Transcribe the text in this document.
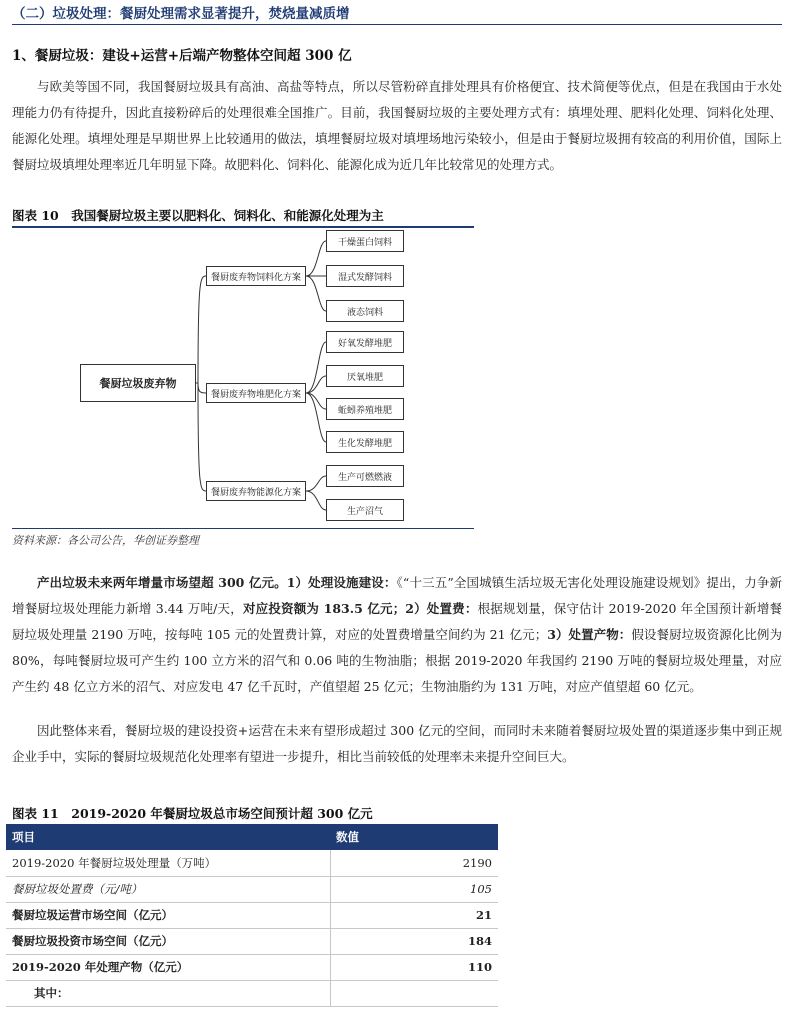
（二）垃圾处理：餐厨处理需求显著提升，焚烧量减质增
1、餐厨垃圾：建设+运营+后端产物整体空间超 300 亿

与欧美等国不同，我国餐厨垃圾具有高油、高盐等特点，所以尽管粉碎直排处理具有价格便宜、技术简便等优点，但是在我国由于水处理能力仍有待提升，因此直接粉碎后的处理很难全国推广。目前，我国餐厨垃圾的主要处理方式有：填埋处理、肥料化处理、饲料化处理、能源化处理。填埋处理是早期世界上比较通用的做法，填埋餐厨垃圾对填埋场地污染较小，但是由于餐厨垃圾拥有较高的利用价值，国际上餐厨垃圾填埋处理率近几年明显下降。故肥料化、饲料化、能源化成为近几年比较常见的处理方式。

图表 10　我国餐厨垃圾主要以肥料化、饲料化、和能源化处理为主
餐厨垃圾废弃物
餐厨废弃物饲料化方案
餐厨废弃物堆肥化方案
餐厨废弃物能源化方案
干燥蛋白饲料
湿式发酵饲料
液态饲料
好氧发酵堆肥
厌氧堆肥
蚯蚓养殖堆肥
生化发酵堆肥
生产可燃燃液
生产沼气
资料来源：各公司公告，华创证券整理

产出垃圾未来两年增量市场望超 300 亿元。1）处理设施建设：《“十三五”全国城镇生活垃圾无害化处理设施建设规划》提出，力争新增餐厨垃圾处理能力新增 3.44 万吨/天，对应投资额为 183.5 亿元；2）处置费：根据规划量，保守估计 2019-2020 年全国预计新增餐厨垃圾处理量 2190 万吨，按每吨 105 元的处置费计算，对应的处置费增量空间约为 21 亿元；3）处置产物：假设餐厨垃圾资源化比例为 80%，每吨餐厨垃圾可产生约 100 立方米的沼气和 0.06 吨的生物油脂；根据 2019-2020 年我国约 2190 万吨的餐厨垃圾处理量，对应产生约 48 亿立方米的沼气、对应发电 47 亿千瓦时，产值望超 25 亿元；生物油脂约为 131 万吨，对应产值望超 60 亿元。

因此整体来看，餐厨垃圾的建设投资+运营在未来有望形成超过 300 亿元的空间，而同时未来随着餐厨垃圾处置的渠道逐步集中到正规企业手中，实际的餐厨垃圾规范化处理率有望进一步提升，相比当前较低的处理率未来提升空间巨大。

图表 11　2019-2020 年餐厨垃圾总市场空间预计超 300 亿元
项目	数值
2019-2020 年餐厨垃圾处理量（万吨）	2190
餐厨垃圾处置费（元/吨）	105
餐厨垃圾运营市场空间（亿元）	21
餐厨垃圾投资市场空间（亿元）	184
2019-2020 年处理产物（亿元）	110
其中：	
